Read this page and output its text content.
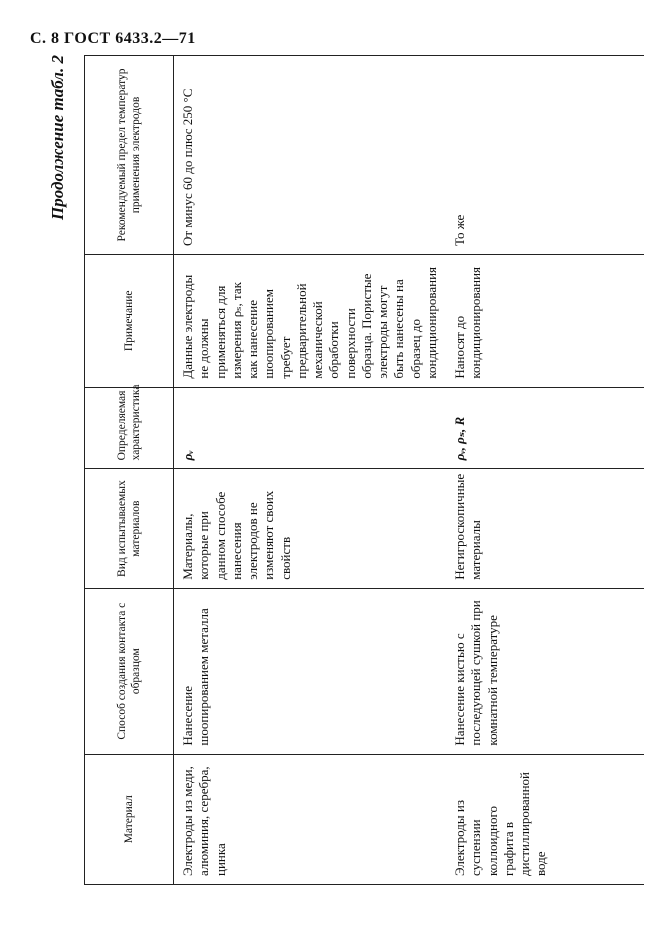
С. 8 ГОСТ 6433.2—71
Продолжение табл. 2
Материал	Способ создания контакта с образцом	Вид испытываемых материалов	Определяемая характеристика	Примечание	Рекомендуемый предел температур применения электродов
Электроды из меди, алюминия, серебра, цинка	Нанесение шоопированием металла	Материалы, которые при данном способе нанесения электродов не изменяют своих свойств	ρᵥ	Данные электроды не должны применяться для измерения ρₛ, так как нанесение шоопированием требует предварительной механической обработки поверхности образца. Пористые электроды могут быть нанесены на образец до кондиционирования	От минус 60 до плюс 250 °С
Электроды из суспензии коллоидного графита в дистиллированной воде	Нанесение кистью с последующей сушкой при комнатной температуре	Негигроскопичные материалы	ρᵥ, ρₛ, R	Наносят до кондиционирования	То же
